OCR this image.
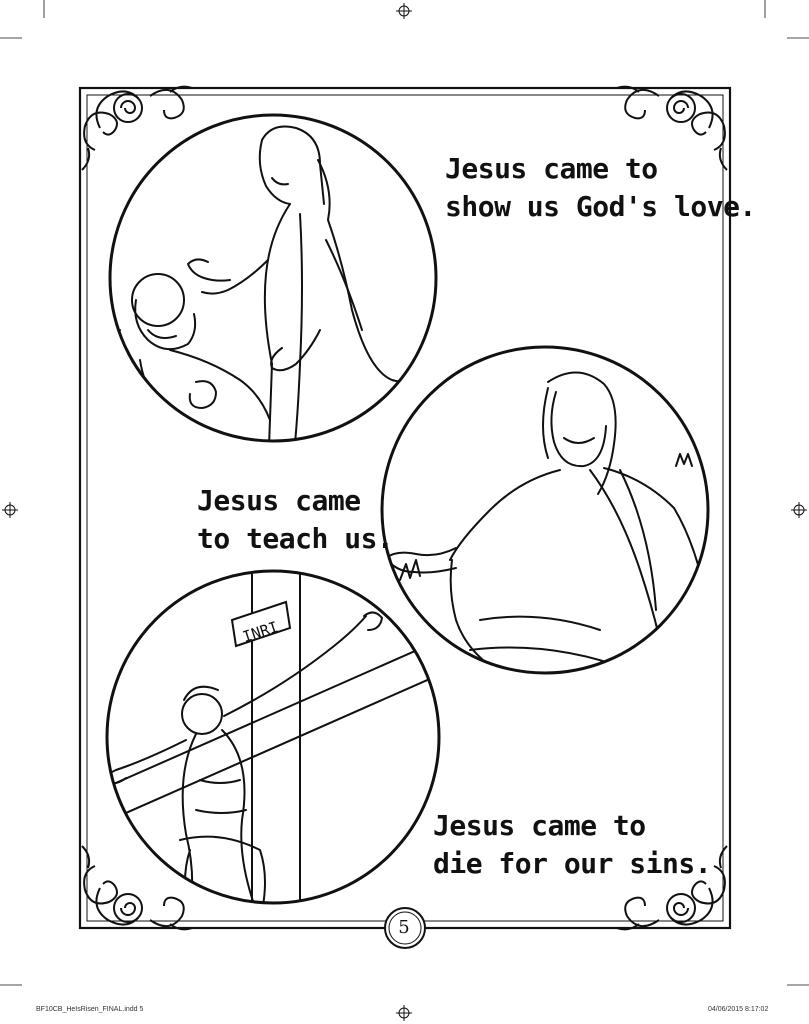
INRI
Jesus came to
show us God's love.
Jesus came
to teach us.
Jesus came to
die for our sins.
5
BF10CB_HeIsRisen_FINAL.indd 5	04/06/2015 8:17:02
